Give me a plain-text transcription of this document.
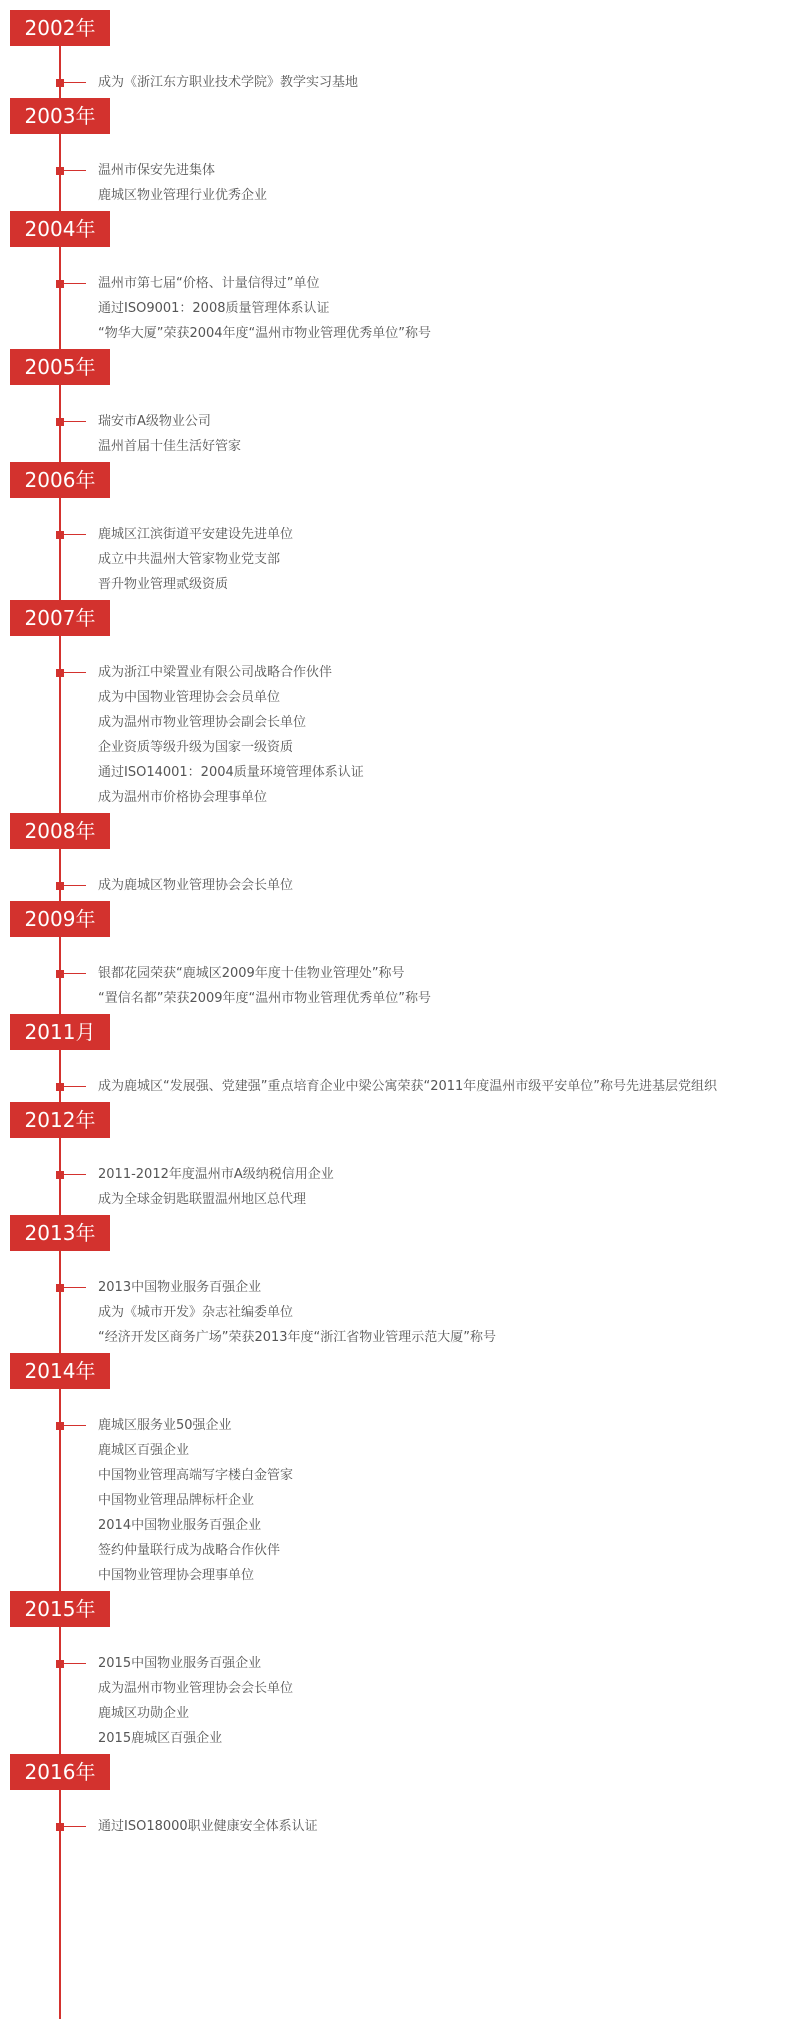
2002年
成为《浙江东方职业技术学院》教学实习基地
2003年
温州市保安先进集体
鹿城区物业管理行业优秀企业
2004年
温州市第七届“价格、计量信得过”单位
通过ISO9001：2008质量管理体系认证
“物华大厦”荣获2004年度“温州市物业管理优秀单位”称号
2005年
瑞安市A级物业公司
温州首届十佳生活好管家
2006年
鹿城区江滨街道平安建设先进单位
成立中共温州大管家物业党支部
晋升物业管理贰级资质
2007年
成为浙江中梁置业有限公司战略合作伙伴
成为中国物业管理协会会员单位
成为温州市物业管理协会副会长单位
企业资质等级升级为国家一级资质
通过ISO14001：2004质量环境管理体系认证
成为温州市价格协会理事单位
2008年
成为鹿城区物业管理协会会长单位
2009年
银都花园荣获“鹿城区2009年度十佳物业管理处”称号
“置信名都”荣获2009年度“温州市物业管理优秀单位”称号
2011月
成为鹿城区“发展强、党建强”重点培育企业中梁公寓荣获“2011年度温州市级平安单位”称号先进基层党组织
2012年
2011-2012年度温州市A级纳税信用企业
成为全球金钥匙联盟温州地区总代理
2013年
2013中国物业服务百强企业
成为《城市开发》杂志社编委单位
“经济开发区商务广场”荣获2013年度“浙江省物业管理示范大厦”称号
2014年
鹿城区服务业50强企业
鹿城区百强企业
中国物业管理高端写字楼白金管家
中国物业管理品牌标杆企业
2014中国物业服务百强企业
签约仲量联行成为战略合作伙伴
中国物业管理协会理事单位
2015年
2015中国物业服务百强企业
成为温州市物业管理协会会长单位
鹿城区功勋企业
2015鹿城区百强企业
2016年
通过ISO18000职业健康安全体系认证
